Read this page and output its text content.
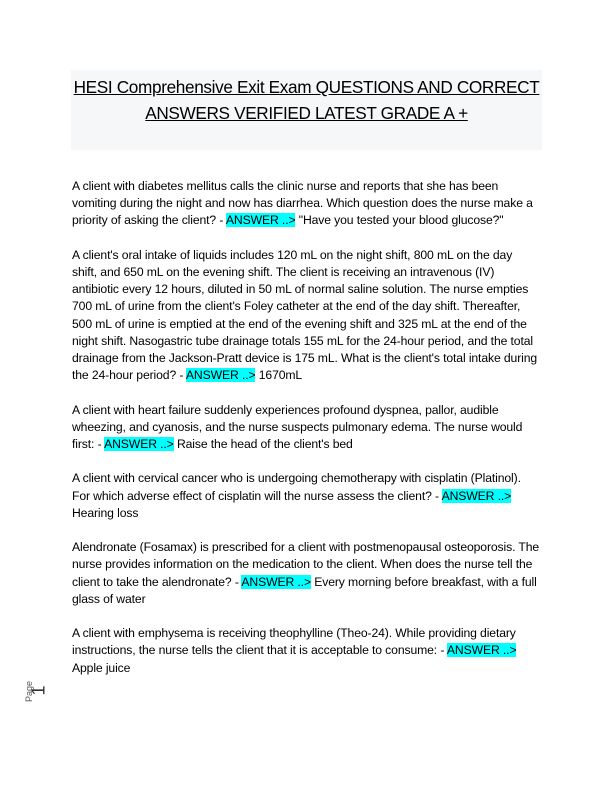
HESI Comprehensive Exit Exam QUESTIONS AND CORRECT
ANSWERS VERIFIED LATEST GRADE A +

A client with diabetes mellitus calls the clinic nurse and reports that she has been vomiting during the night and now has diarrhea. Which question does the nurse make a priority of asking the client? - ANSWER ..> "Have you tested your blood glucose?"

A client's oral intake of liquids includes 120 mL on the night shift, 800 mL on the day shift, and 650 mL on the evening shift. The client is receiving an intravenous (IV) antibiotic every 12 hours, diluted in 50 mL of normal saline solution. The nurse empties 700 mL of urine from the client's Foley catheter at the end of the day shift. Thereafter, 500 mL of urine is emptied at the end of the evening shift and 325 mL at the end of the night shift. Nasogastric tube drainage totals 155 mL for the 24-hour period, and the total drainage from the Jackson-Pratt device is 175 mL. What is the client's total intake during the 24-hour period? - ANSWER ..> 1670mL

A client with heart failure suddenly experiences profound dyspnea, pallor, audible wheezing, and cyanosis, and the nurse suspects pulmonary edema. The nurse would first: - ANSWER ..> Raise the head of the client's bed

A client with cervical cancer who is undergoing chemotherapy with cisplatin (Platinol). For which adverse effect of cisplatin will the nurse assess the client? - ANSWER ..> Hearing loss

Alendronate (Fosamax) is prescribed for a client with postmenopausal osteoporosis. The nurse provides information on the medication to the client. When does the nurse tell the client to take the alendronate? - ANSWER ..> Every morning before breakfast, with a full glass of water

A client with emphysema is receiving theophylline (Theo-24). While providing dietary instructions, the nurse tells the client that it is acceptable to consume: - ANSWER ..> Apple juice

Page
1
